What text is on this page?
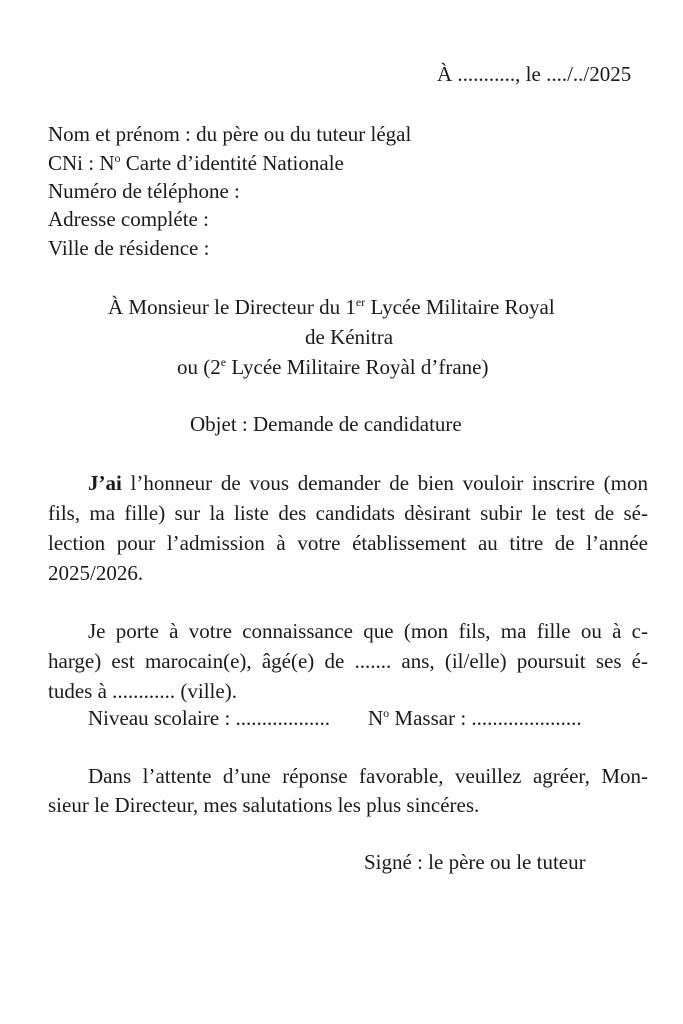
À ..........., le ..../../2025
Nom et prénom : du père ou du tuteur légal
CNi : $N^o$ Carte d’identité Nationale
Numéro de téléphone :
Adresse compléte :
Ville de résidence :
À Monsieur le Directeur du 1er Lycée Militaire Royal
de Kénitra
ou (2e Lycée Militaire Royàl d’frane)
Objet : Demande de candidature
J’ai l’honneur de vous demander de bien vouloir inscrire (mon
fils, ma fille) sur la liste des candidats dèsirant subir le test de sé-
lection pour l’admission à votre établissement au titre de l’année
2025/2026.
Je porte à votre connaissance que (mon fils, ma fille ou à c-
harge) est marocain(e), âgé(e) de ....... ans, (il/elle) poursuit ses é-
tudes à ............ (ville).
Niveau scolaire : .................. $N^o$ Massar : .....................
Dans l’attente d’une réponse favorable, veuillez agréer, Mon-
sieur le Directeur, mes salutations les plus sincéres.
Signé : le père ou le tuteur
